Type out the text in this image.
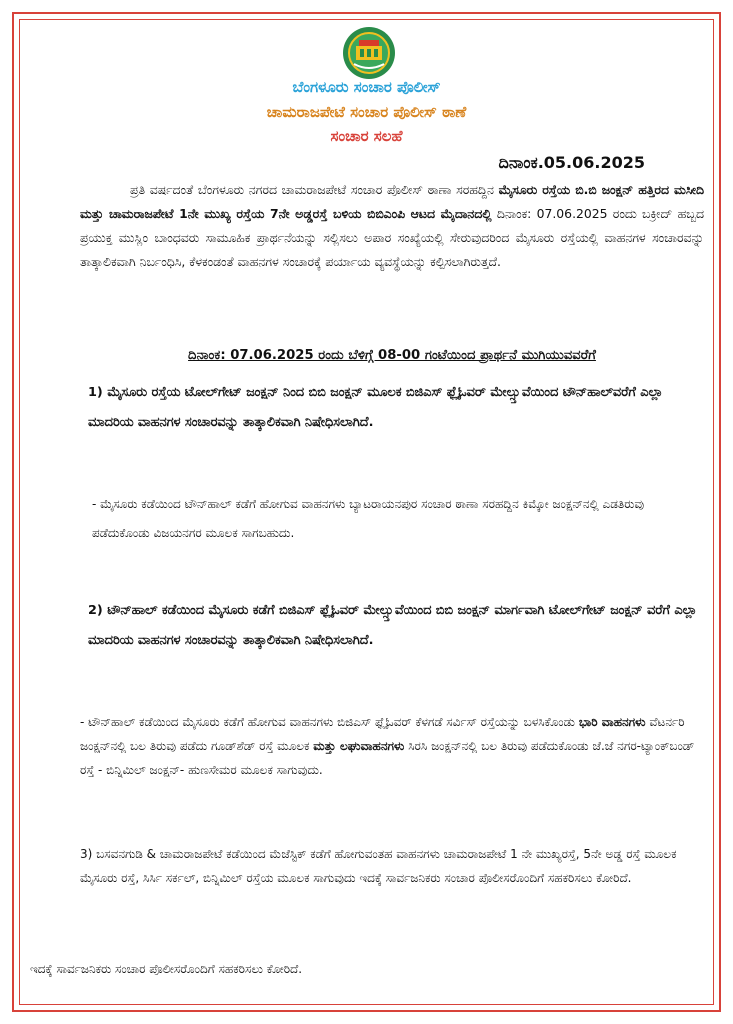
ಬೆಂಗಳೂರು ಸಂಚಾರ ಪೊಲೀಸ್
ಚಾಮರಾಜಪೇಟೆ ಸಂಚಾರ ಪೊಲೀಸ್ ಠಾಣೆ
ಸಂಚಾರ ಸಲಹೆ
ದಿನಾಂಕ.05.06.2025
ಪ್ರತಿ ವರ್ಷದಂತೆ ಬೆಂಗಳೂರು ನಗರದ ಚಾಮರಾಜಪೇಟೆ ಸಂಚಾರ ಪೊಲೀಸ್ ಠಾಣಾ ಸರಹದ್ದಿನ ಮೈಸೂರು ರಸ್ತೆಯ ಬಿ.ಬಿ ಜಂಕ್ಷನ್ ಹತ್ತಿರದ ಮಸೀದಿ ಮತ್ತು ಚಾಮರಾಜಪೇಟೆ 1ನೇ ಮುಖ್ಯ ರಸ್ತೆಯ 7ನೇ ಅಡ್ಡರಸ್ತೆ ಬಳಿಯ ಬಿಬಿಎಂಪಿ ಆಟದ ಮೈದಾನದಲ್ಲಿ ದಿನಾಂಕ: 07.06.2025 ರಂದು ಬಕ್ರೀದ್ ಹಬ್ಬದ ಪ್ರಯುಕ್ತ ಮುಸ್ಲಿಂ ಬಾಂಧವರು ಸಾಮೂಹಿಕ ಪ್ರಾರ್ಥನೆಯನ್ನು ಸಲ್ಲಿಸಲು ಅಪಾರ ಸಂಖ್ಯೆಯಲ್ಲಿ ಸೇರುವುದರಿಂದ ಮೈಸೂರು ರಸ್ತೆಯಲ್ಲಿ ವಾಹನಗಳ ಸಂಚಾರವನ್ನು ತಾತ್ಕಾಲಿಕವಾಗಿ ನಿರ್ಬಂಧಿಸಿ, ಕೆಳಕಂಡಂತೆ ವಾಹನಗಳ ಸಂಚಾರಕ್ಕೆ ಪರ್ಯಾಯ ವ್ಯವಸ್ಥೆಯನ್ನು ಕಲ್ಪಿಸಲಾಗಿರುತ್ತದೆ.
ದಿನಾಂಕ: 07.06.2025 ರಂದು ಬೆಳಿಗ್ಗೆ 08-00 ಗಂಟೆಯಿಂದ ಪ್ರಾರ್ಥನೆ ಮುಗಿಯುವವರೆಗೆ
1) ಮೈಸೂರು ರಸ್ತೆಯ ಟೋಲ್‌ಗೇಟ್ ಜಂಕ್ಷನ್ ನಿಂದ ಬಿಬಿ ಜಂಕ್ಷನ್ ಮೂಲಕ ಬಿಜಿಎಸ್ ಫ್ಲೈಓವರ್ ಮೇಲ್ಸ್ತುವೆಯಿಂದ ಟೌನ್‌ಹಾಲ್‌ವರೆಗೆ ಎಲ್ಲಾ ಮಾದರಿಯ ವಾಹನಗಳ ಸಂಚಾರವನ್ನು ತಾತ್ಕಾಲಿಕವಾಗಿ ನಿಷೇಧಿಸಲಾಗಿದೆ.
- ಮೈಸೂರು ಕಡೆಯಿಂದ ಟೌನ್‌ಹಾಲ್ ಕಡೆಗೆ ಹೋಗುವ ವಾಹನಗಳು ಬ್ಯಾಟರಾಯನಪುರ ಸಂಚಾರ ಠಾಣಾ ಸರಹದ್ದಿನ ಕಿಮ್ಕೋ ಜಂಕ್ಷನ್‌ನಲ್ಲಿ ಎಡತಿರುವು ಪಡೆದುಕೊಂಡು ವಿಜಯನಗರ ಮೂಲಕ ಸಾಗಬಹುದು.
2) ಟೌನ್‌ಹಾಲ್ ಕಡೆಯಿಂದ ಮೈಸೂರು ಕಡೆಗೆ ಬಿಜಿಎಸ್ ಫ್ಲೈಓವರ್ ಮೇಲ್ಸ್ತುವೆಯಿಂದ ಬಿಬಿ ಜಂಕ್ಷನ್ ಮಾರ್ಗವಾಗಿ ಟೋಲ್‌ಗೇಟ್ ಜಂಕ್ಷನ್ ವರೆಗೆ ಎಲ್ಲಾ ಮಾದರಿಯ ವಾಹನಗಳ ಸಂಚಾರವನ್ನು ತಾತ್ಕಾಲಿಕವಾಗಿ ನಿಷೇಧಿಸಲಾಗಿದೆ.
- ಟೌನ್‌ಹಾಲ್ ಕಡೆಯಿಂದ ಮೈಸೂರು ಕಡೆಗೆ ಹೋಗುವ ವಾಹನಗಳು ಬಿಜಿಎಸ್ ಫ್ಲೈಓವರ್ ಕೆಳಗಡೆ ಸರ್ವಿಸ್ ರಸ್ತೆಯನ್ನು ಬಳಸಿಕೊಂಡು ಭಾರಿ ವಾಹನಗಳು ವೆಟರ್ನರಿ ಜಂಕ್ಷನ್‌ನಲ್ಲಿ ಬಲ ತಿರುವು ಪಡೆದು ಗೂಡ್‌ಶೆಡ್ ರಸ್ತೆ ಮೂಲಕ ಮತ್ತು ಲಘುವಾಹನಗಳು ಸಿರಸಿ ಜಂಕ್ಷನ್‌ನಲ್ಲಿ ಬಲ ತಿರುವು ಪಡೆದುಕೊಂಡು ಜೆ.ಜೆ ನಗರ-ಟ್ಯಾಂಕ್‌ಬಂಡ್ ರಸ್ತೆ - ಬಿನ್ನಿಮಿಲ್ ಜಂಕ್ಷನ್- ಹುಣಸೇಮರ ಮೂಲಕ ಸಾಗುವುದು.
3) ಬಸವನಗುಡಿ & ಚಾಮರಾಜಪೇಟೆ ಕಡೆಯಿಂದ ಮೆಜೆಸ್ಟಿಕ್ ಕಡೆಗೆ ಹೋಗುವಂತಹ ವಾಹನಗಳು ಚಾಮರಾಜಪೇಟೆ 1 ನೇ ಮುಖ್ಯರಸ್ತೆ, 5ನೇ ಅಡ್ಡ ರಸ್ತೆ ಮೂಲಕ ಮೈಸೂರು ರಸ್ತೆ, ಸಿರ್ಸಿ ಸರ್ಕಲ್, ಬಿನ್ನಿಮಿಲ್ ರಸ್ತೆಯ ಮೂಲಕ ಸಾಗುವುದು ಇದಕ್ಕೆ ಸಾರ್ವಜನಿಕರು ಸಂಚಾರ ಪೊಲೀಸರೊಂದಿಗೆ ಸಹಕರಿಸಲು ಕೋರಿದೆ.
ಇದಕ್ಕೆ ಸಾರ್ವಜನಿಕರು ಸಂಚಾರ ಪೊಲೀಸರೊಂದಿಗೆ ಸಹಕರಿಸಲು ಕೋರಿದೆ.
